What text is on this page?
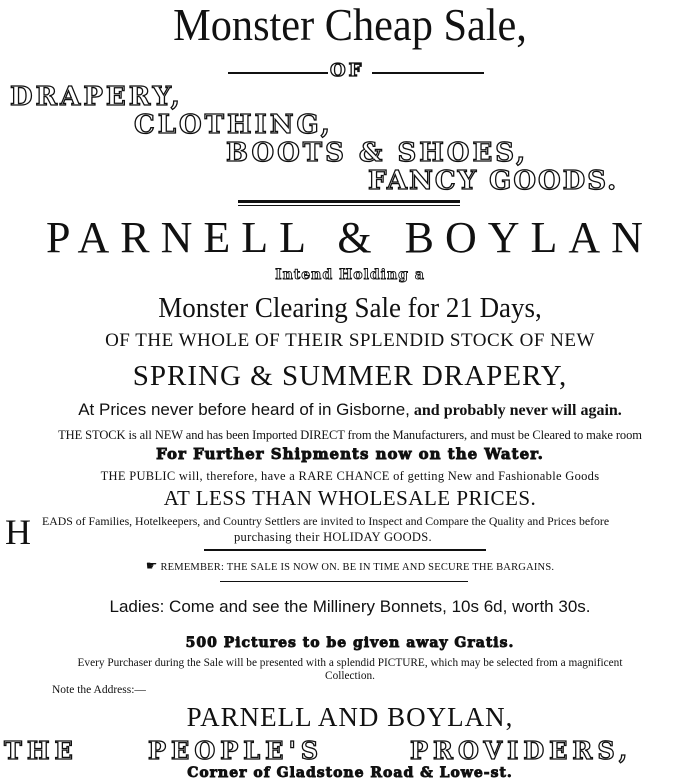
Monster Cheap Sale,
OF
DRAPERY,
CLOTHING,
BOOTS & SHOES,
FANCY GOODS.
PARNELL & BOYLAN
Intend Holding a
Monster Clearing Sale for 21 Days,
OF THE WHOLE OF THEIR SPLENDID STOCK OF NEW
SPRING & SUMMER DRAPERY,
At Prices never before heard of in Gisborne, and probably never will again.
THE STOCK is all NEW and has been Imported DIRECT from the Manufacturers, and must be Cleared to make room
For Further Shipments now on the Water.
THE PUBLIC will, therefore, have a RARE CHANCE of getting New and Fashionable Goods
AT LESS THAN WHOLESALE PRICES.
H EADS of Families, Hotelkeepers, and Country Settlers are invited to Inspect and Compare the Quality and Prices before
purchasing their HOLIDAY GOODS.
☛ REMEMBER: THE SALE IS NOW ON. BE IN TIME AND SECURE THE BARGAINS.
Ladies: Come and see the Millinery Bonnets, 10s 6d, worth 30s.
500 Pictures to be given away Gratis.
Every Purchaser during the Sale will be presented with a splendid PICTURE, which may be selected from a magnificent
Collection.
Note the Address:—
PARNELL AND BOYLAN,
THE	PEOPLE'S	PROVIDERS,
Corner of Gladstone Road & Lowe-st.
